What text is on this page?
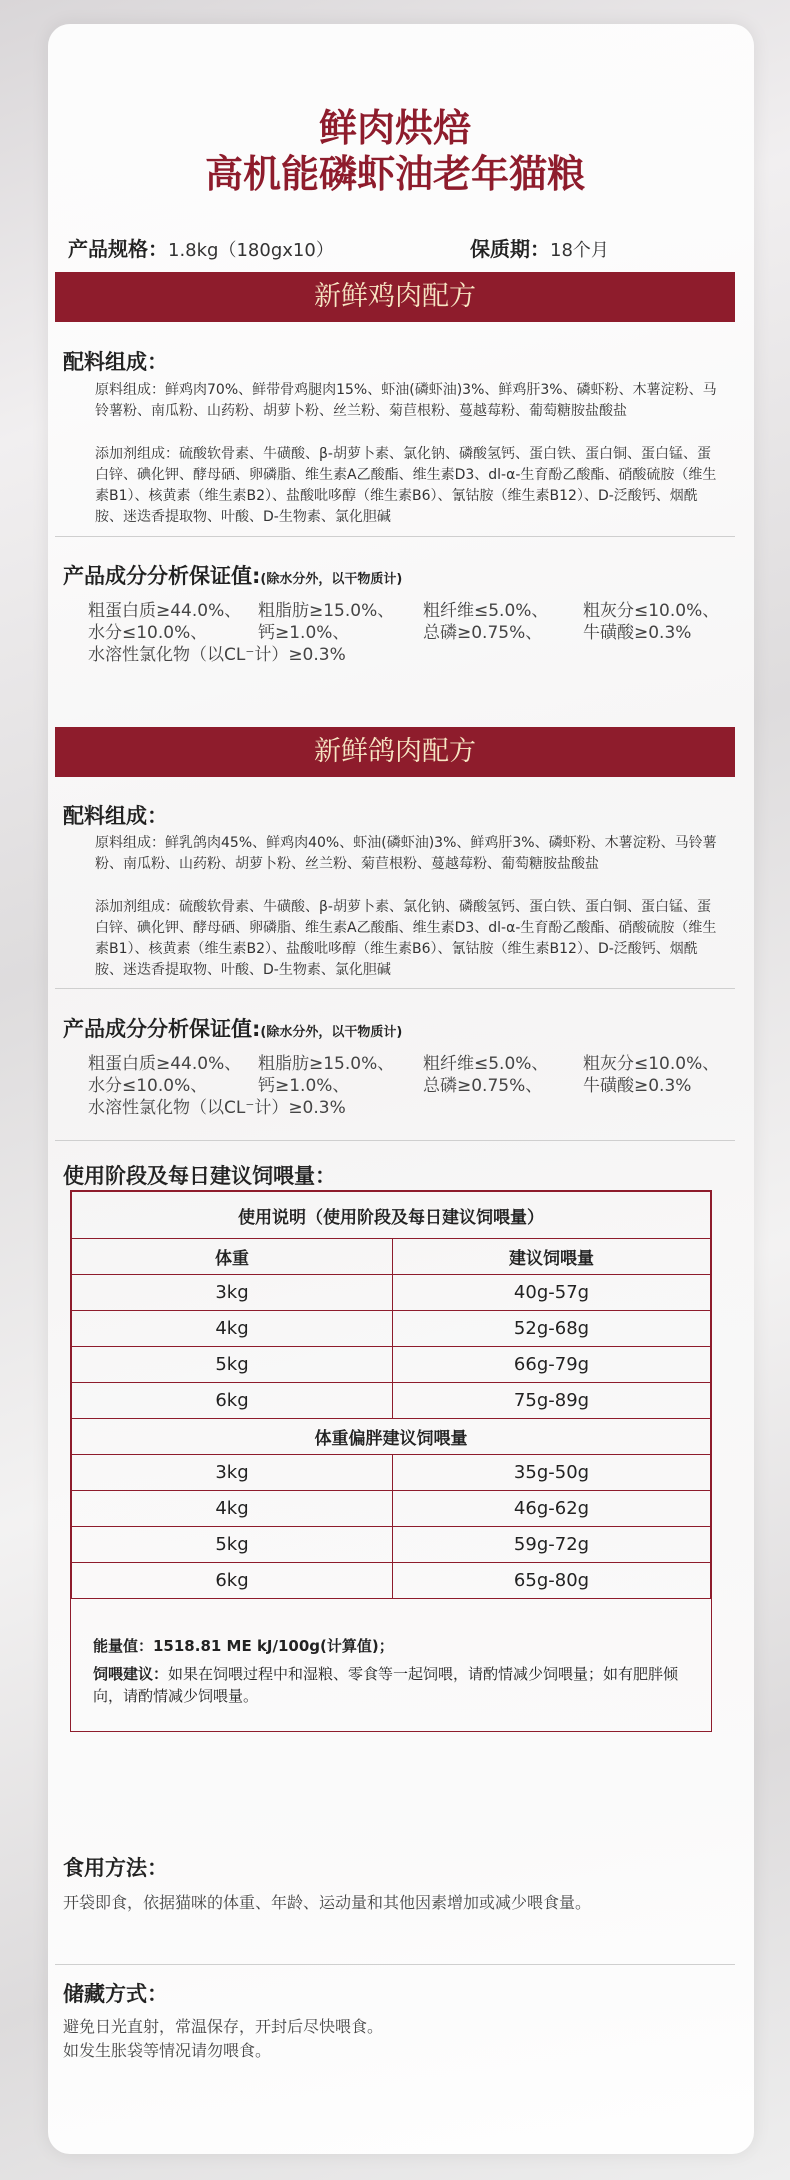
鲜肉烘焙
高机能磷虾油老年猫粮
产品规格：1.8kg（180gx10）	保质期：18个月
新鲜鸡肉配方
配料组成：
原料组成：鲜鸡肉70%、鲜带骨鸡腿肉15%、虾油(磷虾油)3%、鲜鸡肝3%、磷虾粉、木薯淀粉、马铃薯粉、南瓜粉、山药粉、胡萝卜粉、丝兰粉、菊苣根粉、蔓越莓粉、葡萄糖胺盐酸盐
添加剂组成：硫酸软骨素、牛磺酸、β-胡萝卜素、氯化钠、磷酸氢钙、蛋白铁、蛋白铜、蛋白锰、蛋白锌、碘化钾、酵母硒、卵磷脂、维生素A乙酸酯、维生素D3、dl-α-生育酚乙酸酯、硝酸硫胺（维生素B1）、核黄素（维生素B2）、盐酸吡哆醇（维生素B6）、氰钴胺（维生素B12）、D-泛酸钙、烟酰胺、迷迭香提取物、叶酸、D-生物素、氯化胆碱
产品成分分析保证值:(除水分外，以干物质计)
粗蛋白质≥44.0%、 粗脂肪≥15.0%、 粗纤维≤5.0%、 粗灰分≤10.0%、
水分≤10.0%、	钙≥1.0%、	总磷≥0.75%、 牛磺酸≥0.3%
水溶性氯化物（以CL⁻计）≥0.3%
新鲜鸽肉配方
配料组成：
原料组成：鲜乳鸽肉45%、鲜鸡肉40%、虾油(磷虾油)3%、鲜鸡肝3%、磷虾粉、木薯淀粉、马铃薯粉、南瓜粉、山药粉、胡萝卜粉、丝兰粉、菊苣根粉、蔓越莓粉、葡萄糖胺盐酸盐
添加剂组成：硫酸软骨素、牛磺酸、β-胡萝卜素、氯化钠、磷酸氢钙、蛋白铁、蛋白铜、蛋白锰、蛋白锌、碘化钾、酵母硒、卵磷脂、维生素A乙酸酯、维生素D3、dl-α-生育酚乙酸酯、硝酸硫胺（维生素B1）、核黄素（维生素B2）、盐酸吡哆醇（维生素B6）、氰钴胺（维生素B12）、D-泛酸钙、烟酰胺、迷迭香提取物、叶酸、D-生物素、氯化胆碱
产品成分分析保证值:(除水分外，以干物质计)
粗蛋白质≥44.0%、 粗脂肪≥15.0%、 粗纤维≤5.0%、 粗灰分≤10.0%、
水分≤10.0%、	钙≥1.0%、	总磷≥0.75%、 牛磺酸≥0.3%
水溶性氯化物（以CL⁻计）≥0.3%
使用阶段及每日建议饲喂量：
使用说明（使用阶段及每日建议饲喂量）	
体重	建议饲喂量
3kg	40g-57g
4kg	52g-68g
5kg	66g-79g
6kg	75g-89g
体重偏胖建议饲喂量	
3kg	35g-50g
4kg	46g-62g
5kg	59g-72g
6kg	65g-80g
能量值：1518.81 ME kJ/100g(计算值)；
饲喂建议：如果在饲喂过程中和湿粮、零食等一起饲喂，请酌情减少饲喂量；如有肥胖倾向，请酌情减少饲喂量。
食用方法：
开袋即食，依据猫咪的体重、年龄、运动量和其他因素增加或减少喂食量。
储藏方式：
避免日光直射，常温保存，开封后尽快喂食。
如发生胀袋等情况请勿喂食。
